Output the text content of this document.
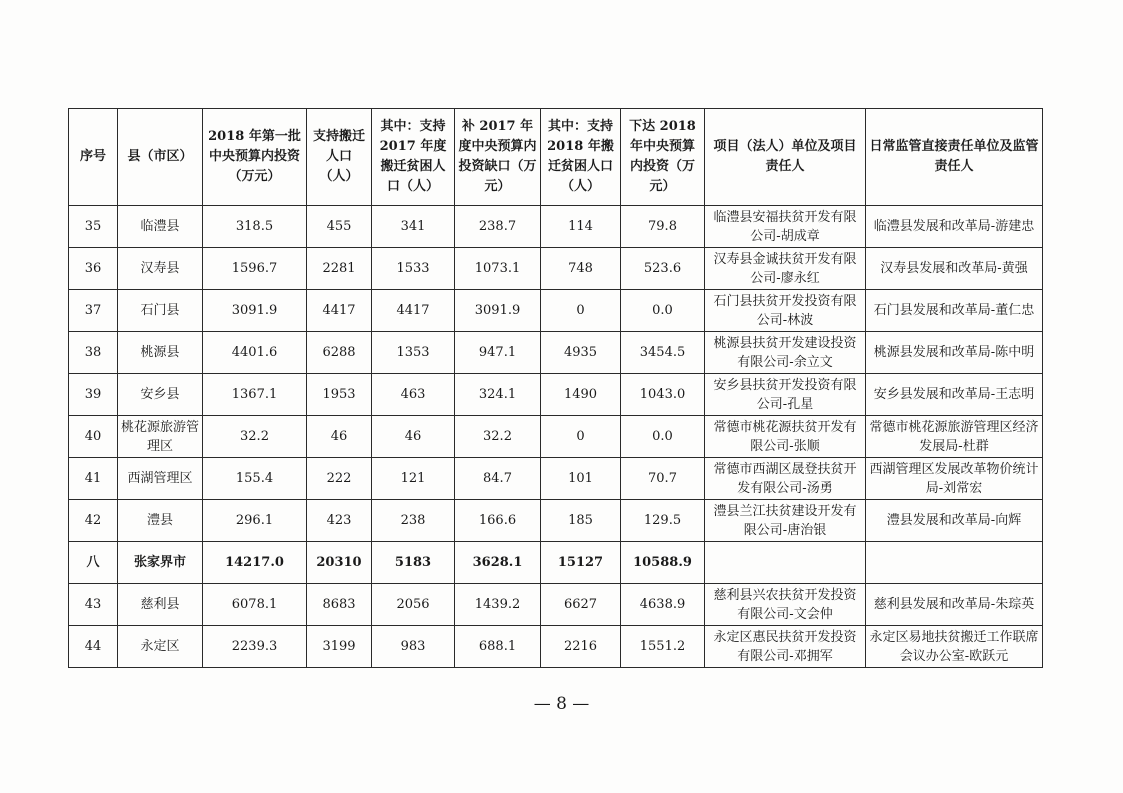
序号	县（市区）	2018 年第一批中央预算内投资（万元）	支持搬迁人口（人）	其中：支持 2017 年度搬迁贫困人口（人）	补 2017 年度中央预算内投资缺口（万元）	其中：支持 2018 年搬迁贫困人口（人）	下达 2018 年中央预算内投资（万元）	项目（法人）单位及项目责任人	日常监管直接责任单位及监管责任人
35	临澧县	318.5	455	341	238.7	114	79.8	临澧县安福扶贫开发有限公司-胡成章	临澧县发展和改革局-游建忠
36	汉寿县	1596.7	2281	1533	1073.1	748	523.6	汉寿县金诚扶贫开发有限公司-廖永红	汉寿县发展和改革局-黄强
37	石门县	3091.9	4417	4417	3091.9	0	0.0	石门县扶贫开发投资有限公司-林波	石门县发展和改革局-董仁忠
38	桃源县	4401.6	6288	1353	947.1	4935	3454.5	桃源县扶贫开发建设投资有限公司-余立文	桃源县发展和改革局-陈中明
39	安乡县	1367.1	1953	463	324.1	1490	1043.0	安乡县扶贫开发投资有限公司-孔星	安乡县发展和改革局-王志明
40	桃花源旅游管理区	32.2	46	46	32.2	0	0.0	常德市桃花源扶贫开发有限公司-张顺	常德市桃花源旅游管理区经济发展局-杜群
41	西湖管理区	155.4	222	121	84.7	101	70.7	常德市西湖区晟登扶贫开发有限公司-汤勇	西湖管理区发展改革物价统计局-刘常宏
42	澧县	296.1	423	238	166.6	185	129.5	澧县兰江扶贫建设开发有限公司-唐治银	澧县发展和改革局-向辉
八	张家界市	14217.0	20310	5183	3628.1	15127	10588.9		
43	慈利县	6078.1	8683	2056	1439.2	6627	4638.9	慈利县兴农扶贫开发投资有限公司-文会仲	慈利县发展和改革局-朱琮英
44	永定区	2239.3	3199	983	688.1	2216	1551.2	永定区惠民扶贫开发投资有限公司-邓拥军	永定区易地扶贫搬迁工作联席会议办公室-欧跃元
— 8 —
